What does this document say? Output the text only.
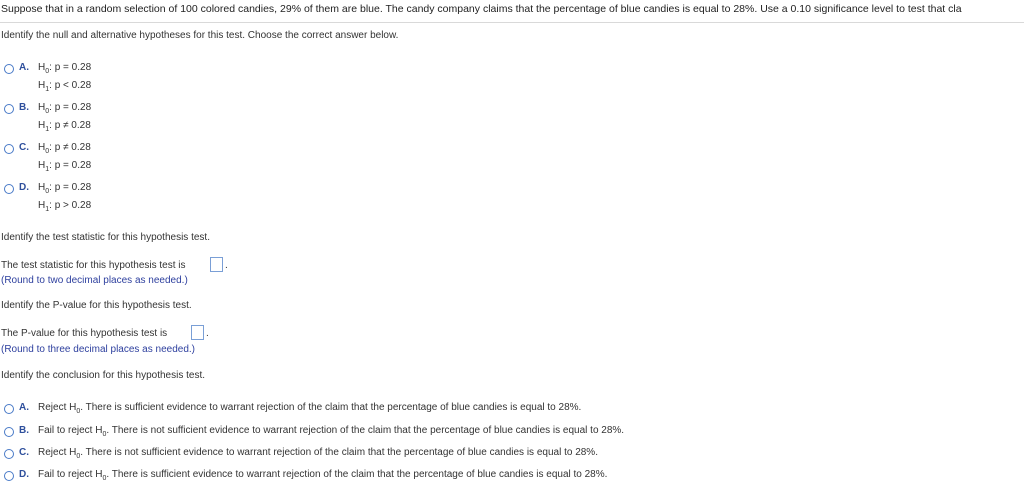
Suppose that in a random selection of 100 colored candies, 29% of them are blue. The candy company claims that the percentage of blue candies is equal to 28%. Use a 0.10 significance level to test that cla
Identify the null and alternative hypotheses for this test. Choose the correct answer below.
A. $H_0$: p = 0.28
$H_1$: p < 0.28
B. $H_0$: p = 0.28
$H_1$: p ≠ 0.28
C. $H_0$: p ≠ 0.28
$H_1$: p = 0.28
D. $H_0$: p = 0.28
$H_1$: p > 0.28
Identify the test statistic for this hypothesis test.
The test statistic for this hypothesis test is	.
(Round to two decimal places as needed.)
Identify the P-value for this hypothesis test.
The P-value for this hypothesis test is	.
(Round to three decimal places as needed.)
Identify the conclusion for this hypothesis test.
A. Reject $H_0$. There is sufficient evidence to warrant rejection of the claim that the percentage of blue candies is equal to 28%.
B. Fail to reject $H_0$. There is not sufficient evidence to warrant rejection of the claim that the percentage of blue candies is equal to 28%.
C. Reject $H_0$. There is not sufficient evidence to warrant rejection of the claim that the percentage of blue candies is equal to 28%.
D. Fail to reject $H_0$. There is sufficient evidence to warrant rejection of the claim that the percentage of blue candies is equal to 28%.
